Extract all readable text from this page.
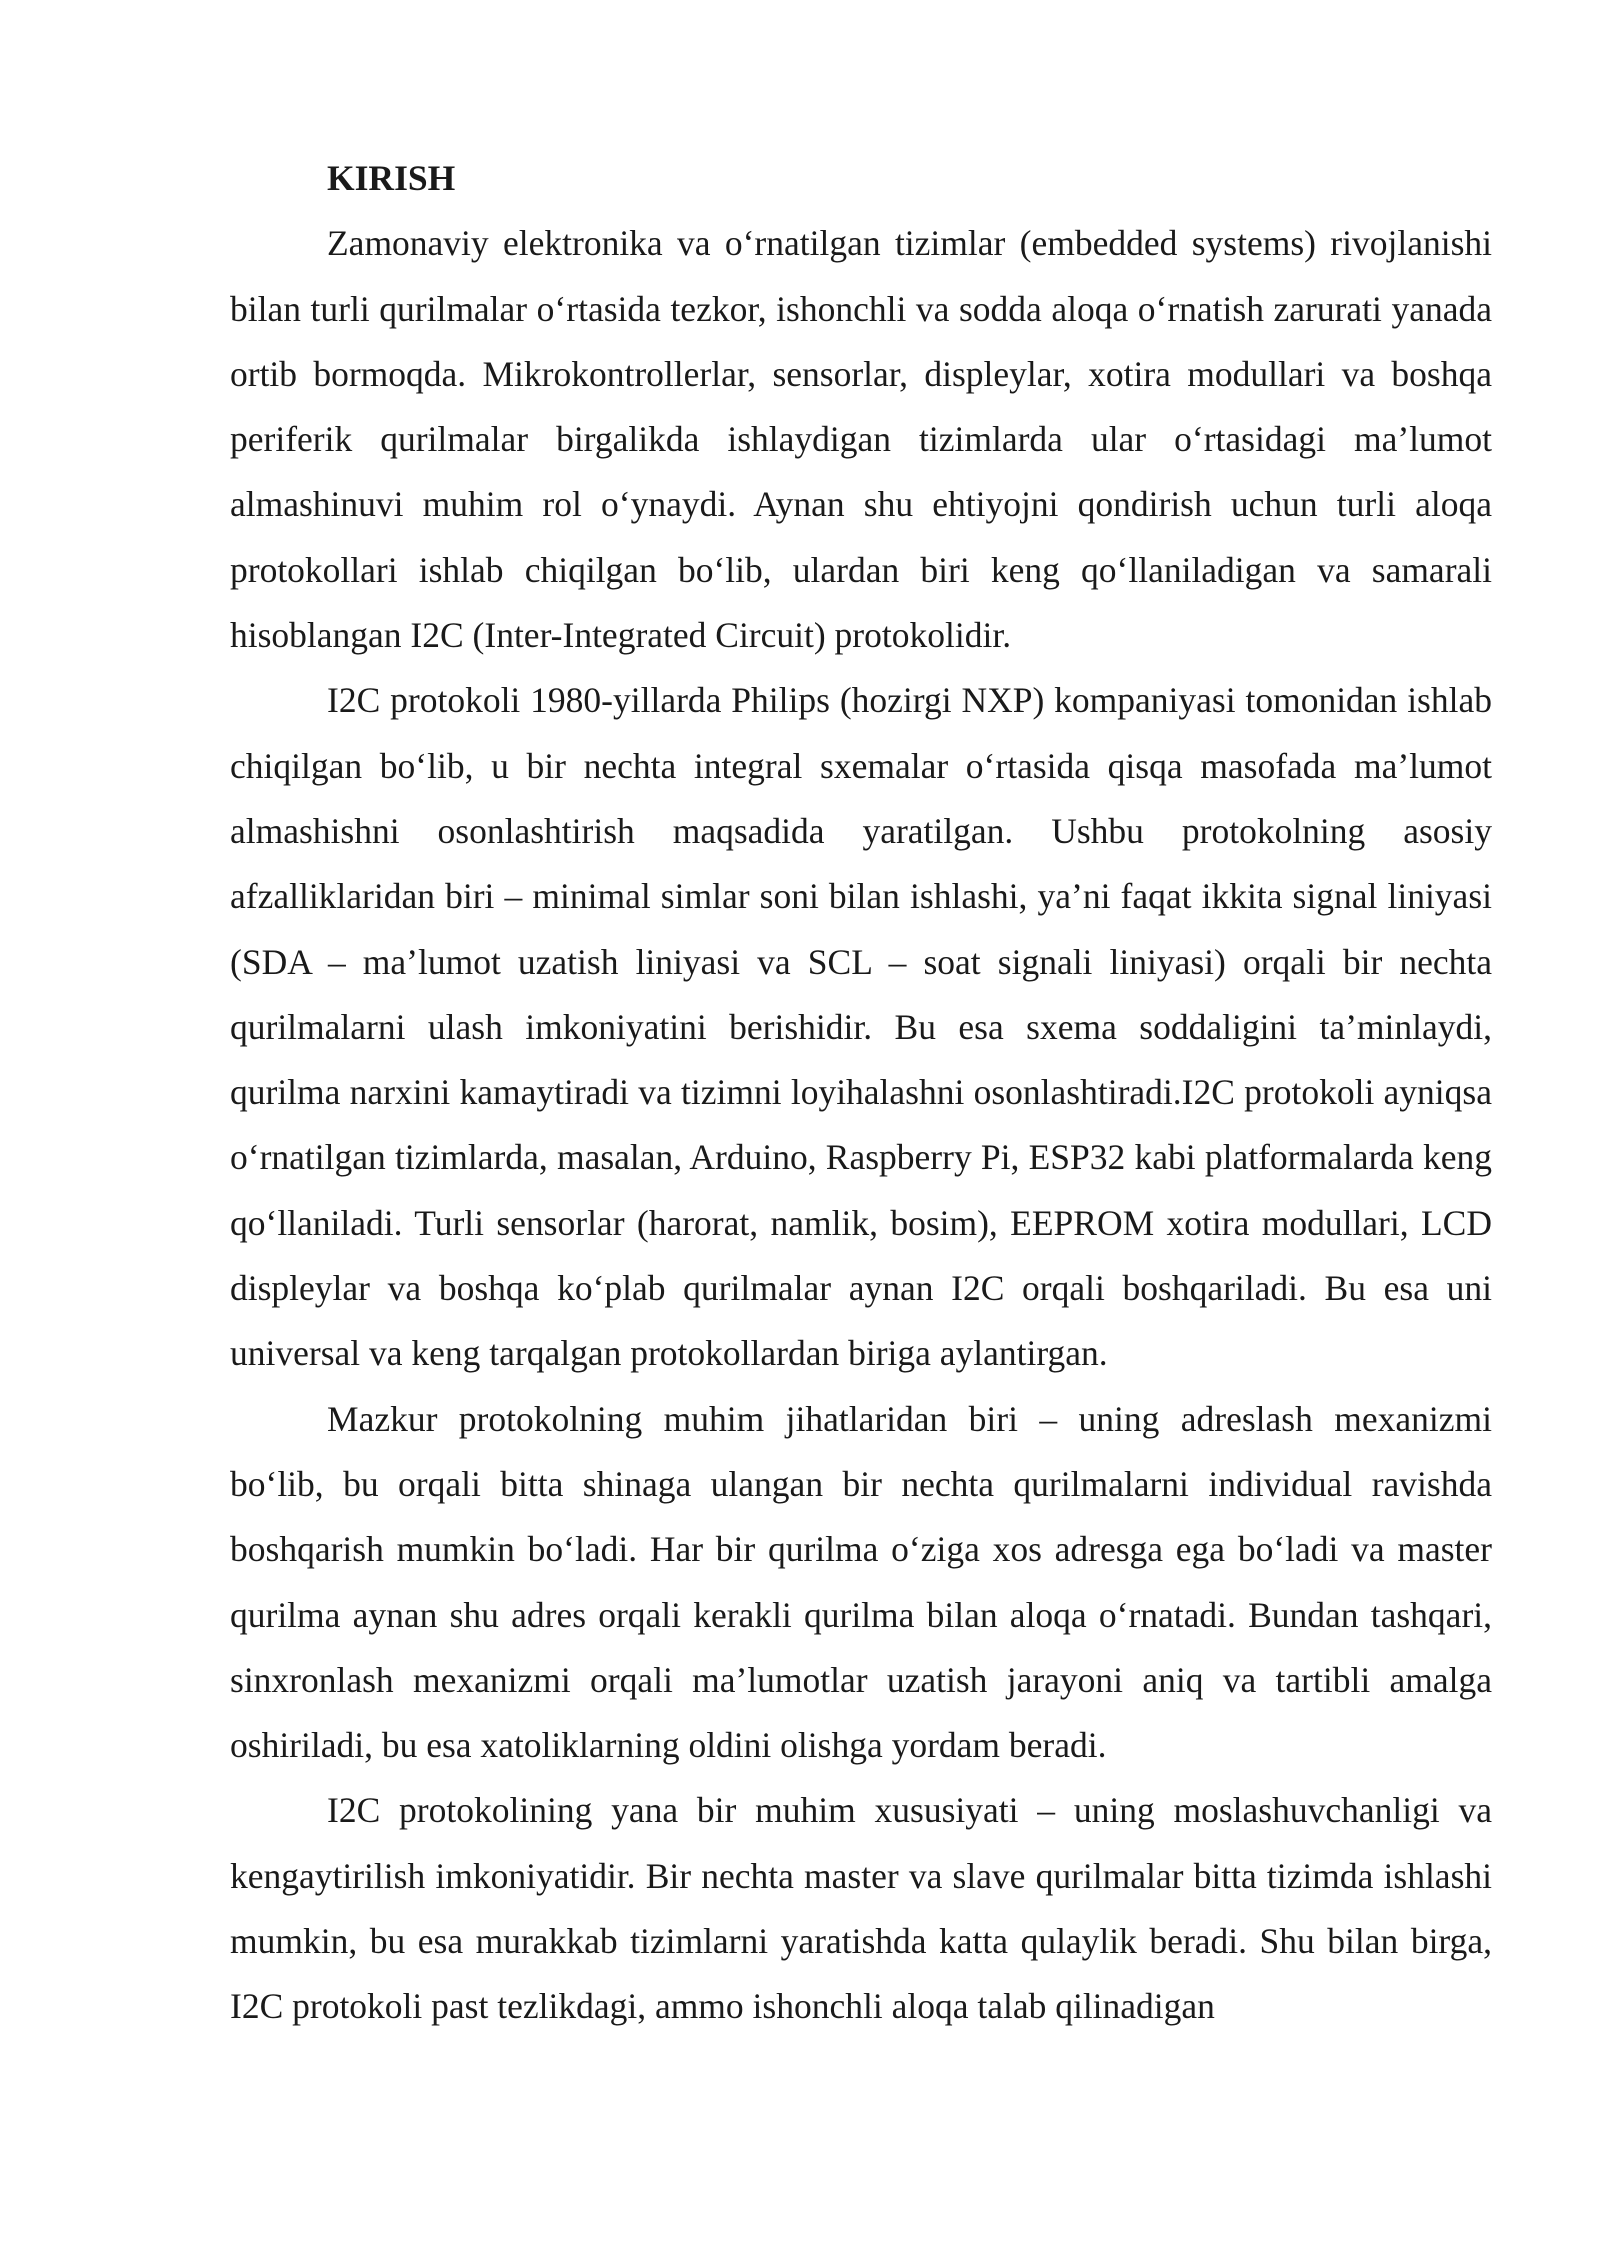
KIRISH

Zamonaviy elektronika va o‘rnatilgan tizimlar (embedded systems) rivojlanishi bilan turli qurilmalar o‘rtasida tezkor, ishonchli va sodda aloqa o‘rnatish zarurati yanada ortib bormoqda. Mikrokontrollerlar, sensorlar, displeylar, xotira modullari va boshqa periferik qurilmalar birgalikda ishlaydigan tizimlarda ular o‘rtasidagi ma’lumot almashinuvi muhim rol o‘ynaydi. Aynan shu ehtiyojni qondirish uchun turli aloqa protokollari ishlab chiqilgan bo‘lib, ulardan biri keng qo‘llaniladigan va samarali hisoblangan I2C (Inter-Integrated Circuit) protokolidir.

I2C protokoli 1980-yillarda Philips (hozirgi NXP) kompaniyasi tomonidan ishlab chiqilgan bo‘lib, u bir nechta integral sxemalar o‘rtasida qisqa masofada ma’lumot almashishni osonlashtirish maqsadida yaratilgan. Ushbu protokolning asosiy afzalliklaridan biri – minimal simlar soni bilan ishlashi, ya’ni faqat ikkita signal liniyasi (SDA – ma’lumot uzatish liniyasi va SCL – soat signali liniyasi) orqali bir nechta qurilmalarni ulash imkoniyatini berishidir. Bu esa sxema soddaligini ta’minlaydi, qurilma narxini kamaytiradi va tizimni loyihalashni osonlashtiradi.I2C protokoli ayniqsa o‘rnatilgan tizimlarda, masalan, Arduino, Raspberry Pi, ESP32 kabi platformalarda keng qo‘llaniladi. Turli sensorlar (harorat, namlik, bosim), EEPROM xotira modullari, LCD displeylar va boshqa ko‘plab qurilmalar aynan I2C orqali boshqariladi. Bu esa uni universal va keng tarqalgan protokollardan biriga aylantirgan.

Mazkur protokolning muhim jihatlaridan biri – uning adreslash mexanizmi bo‘lib, bu orqali bitta shinaga ulangan bir nechta qurilmalarni individual ravishda boshqarish mumkin bo‘ladi. Har bir qurilma o‘ziga xos adresga ega bo‘ladi va master qurilma aynan shu adres orqali kerakli qurilma bilan aloqa o‘rnatadi. Bundan tashqari, sinxronlash mexanizmi orqali ma’lumotlar uzatish jarayoni aniq va tartibli amalga oshiriladi, bu esa xatoliklarning oldini olishga yordam beradi.

I2C protokolining yana bir muhim xususiyati – uning moslashuvchanligi va kengaytirilish imkoniyatidir. Bir nechta master va slave qurilmalar bitta tizimda ishlashi mumkin, bu esa murakkab tizimlarni yaratishda katta qulaylik beradi. Shu bilan birga, I2C protokoli past tezlikdagi, ammo ishonchli aloqa talab qilinadigan
